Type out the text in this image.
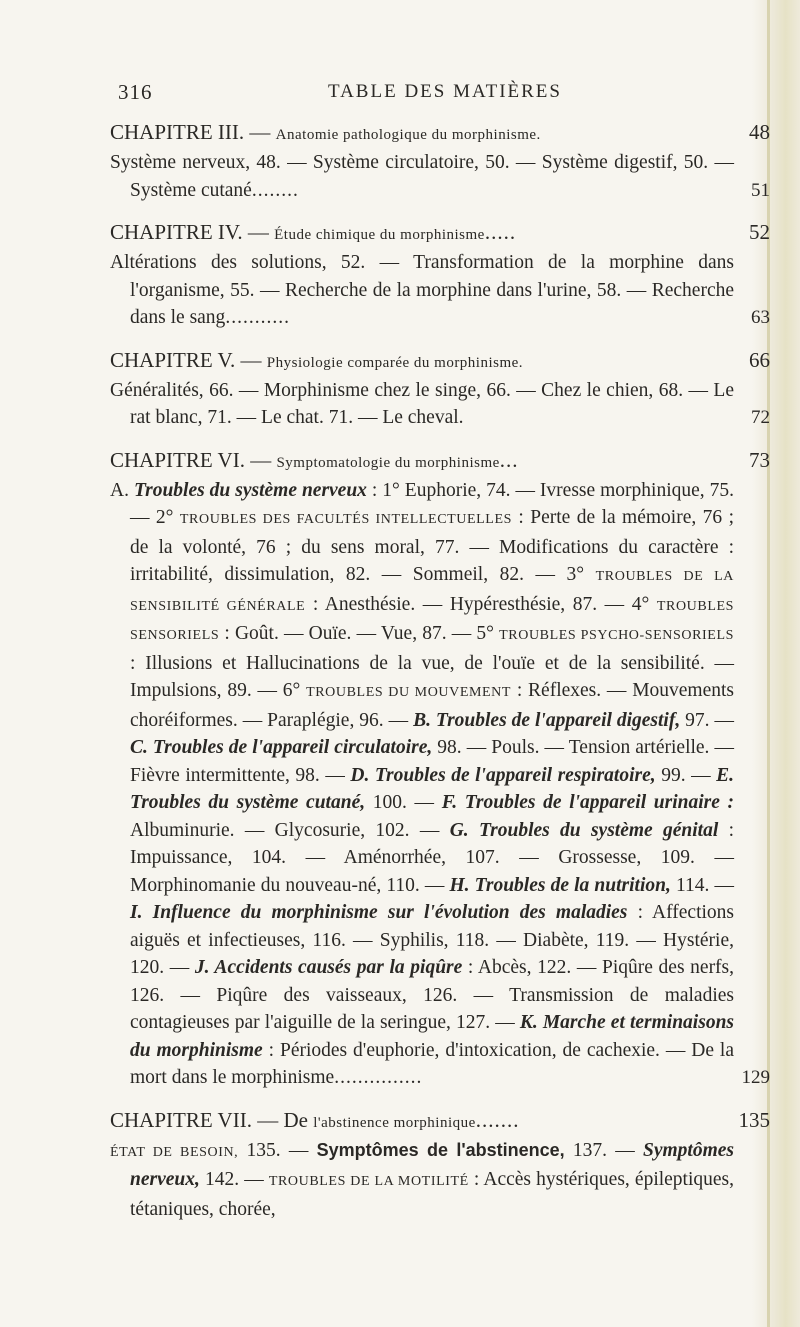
316	TABLE DES MATIÈRES
CHAPITRE III. — Anatomie pathologique du morphinisme.	48
Système nerveux, 48. — Système circulatoire, 50. — Système digestif, 50. — Système cutané........	51
CHAPITRE IV. — Étude chimique du morphinisme.....	52
Altérations des solutions, 52. — Transformation de la morphine dans l'organisme, 55. — Recherche de la morphine dans l'urine, 58. — Recherche dans le sang...........	63
CHAPITRE V. — Physiologie comparée du morphinisme.	66
Généralités, 66. — Morphinisme chez le singe, 66. — Chez le chien, 68. — Le rat blanc, 71. — Le chat. 71. — Le cheval.	72
CHAPITRE VI. — Symptomatologie du morphinisme...	73
A. Troubles du système nerveux : 1° Euphorie, 74. — Ivresse morphinique, 75. — 2° TROUBLES DES FACULTÉS INTELLECTUELLES : Perte de la mémoire, 76 ; de la volonté, 76 ; du sens moral, 77. — Modifications du caractère : irritabilité, dissimulation, 82. — Sommeil, 82. — 3° TROUBLES DE LA SENSIBILITÉ GÉNÉRALE : Anesthésie. — Hypéresthésie, 87. — 4° TROUBLES SENSORIELS : Goût. — Ouïe. — Vue, 87. — 5° TROUBLES PSYCHO-SENSORIELS : Illusions et Hallucinations de la vue, de l'ouïe et de la sensibilité. — Impulsions, 89. — 6° TROUBLES DU MOUVEMENT : Réflexes. — Mouvements choréiformes. — Paraplégie, 96. — B. Troubles de l'appareil digestif, 97. — C. Troubles de l'appareil circulatoire, 98. — Pouls. — Tension artérielle. — Fièvre intermittente, 98. — D. Troubles de l'appareil respiratoire, 99. — E. Troubles du système cutané, 100. — F. Troubles de l'appareil urinaire : Albuminurie. — Glycosurie, 102. — G. Troubles du système génital : Impuissance, 104. — Aménorrhée, 107. — Grossesse, 109. — Morphinomanie du nouveau-né, 110. — H. Troubles de la nutrition, 114. — I. Influence du morphinisme sur l'évolution des maladies : Affections aiguës et infectieuses, 116. — Syphilis, 118. — Diabète, 119. — Hystérie, 120. — J. Accidents causés par la piqûre : Abcès, 122. — Piqûre des nerfs, 126. — Piqûre des vaisseaux, 126. — Transmission de maladies contagieuses par l'aiguille de la seringue, 127. — K. Marche et terminaisons du morphinisme : Périodes d'euphorie, d'intoxication, de cachexie. — De la mort dans le morphinisme...............	129
CHAPITRE VII. — De l'abstinence morphinique.......	135
ÉTAT DE BESOIN, 135. — Symptômes de l'abstinence, 137. — Symptômes nerveux, 142. — TROUBLES DE LA MOTILITÉ : Accès hystériques, épileptiques, tétaniques, chorée,
